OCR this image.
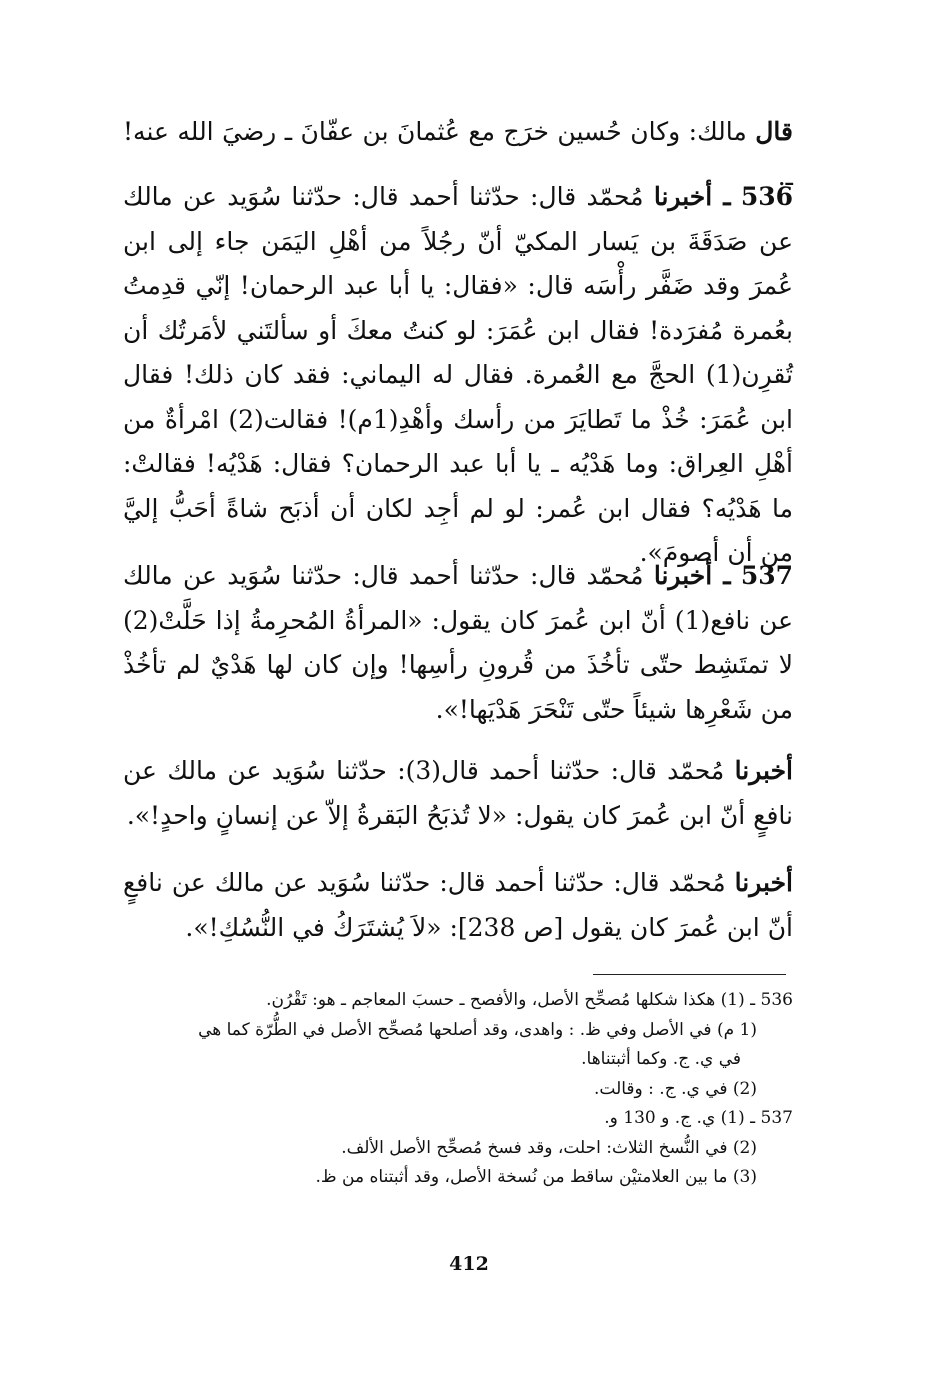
قال مالك: وكان حُسين خرَج مع عُثمانَ بن عفّانَ ـ رضيَ الله عنه! ـ.
536 ـ أخبرنا مُحمّد قال: حدّثنا أحمد قال: حدّثنا سُوَيد عن مالك عن صَدَقَةَ بن يَسار المكيّ أنّ رجُلاً من أهْلِ اليَمَن جاء إلى ابن عُمرَ وقد ضَفَّر رأْسَه قال: «فقال: يا أبا عبد الرحمان! إنّي قدِمتُ بعُمرة مُفرَدة! فقال ابن عُمَرَ: لو كنتُ معكَ أو سألتَني لأمَرتُك أن تُقرِن(1) الحجَّ مع العُمرة. فقال له اليماني: فقد كان ذلك! فقال ابن عُمَرَ: خُذْ ما تَطايَرَ من رأسك وأهْدِ(1م)! فقالت(2) امْرأةٌ من أهْلِ العِراق: وما هَدْيُه ـ يا أبا عبد الرحمان؟ فقال: هَدْيُه! فقالتْ: ما هَدْيُه؟ فقال ابن عُمر: لو لم أجِد لكان أن أذبَح شاةً أحَبُّ إليَّ من أن أصومَ».
537 ـ أخبرنا مُحمّد قال: حدّثنا أحمد قال: حدّثنا سُوَيد عن مالك عن نافع(1) أنّ ابن عُمرَ كان يقول: «المرأةُ المُحرِمةُ إذا حَلَّتْ(2) لا تمتَشِط حتّى تأخُذَ من قُرونِ رأسِها! وإن كان لها هَدْيٌ لم تأخُذْ من شَعْرِها شيئاً حتّى تَنْحَرَ هَدْيَها!».
أخبرنا مُحمّد قال: حدّثنا أحمد قال(3): حدّثنا سُوَيد عن مالك عن نافعٍ أنّ ابن عُمرَ كان يقول: «لا تُذبَحُ البَقرةُ إلاّ عن إنسانٍ واحدٍ!».
أخبرنا مُحمّد قال: حدّثنا أحمد قال: حدّثنا سُوَيد عن مالك عن نافعٍ أنّ ابن عُمرَ كان يقول [ص 238]: «لاَ يُشتَرَكُ في النُّسُكِ!».
536 ـ (1) هكذا شكلها مُصحِّح الأصل، والأفصح ـ حسبَ المعاجم ـ هو: تَقْرُن.
(1 م) في الأصل وفي ظ. : واهدى، وقد أصلحها مُصحِّح الأصل في الطُّرّة كما هي
في ي. ج. وكما أثبتناها.
(2) في ي. ج. : وقالت.
537 ـ (1) ي. ج. و 130 و.
(2) في النُّسخ الثلاث: احلت، وقد فسخ مُصحِّح الأصل الألف.
(3) ما بين العلامتيْن ساقط من نُسخة الأصل، وقد أثبتناه من ظ.
412
